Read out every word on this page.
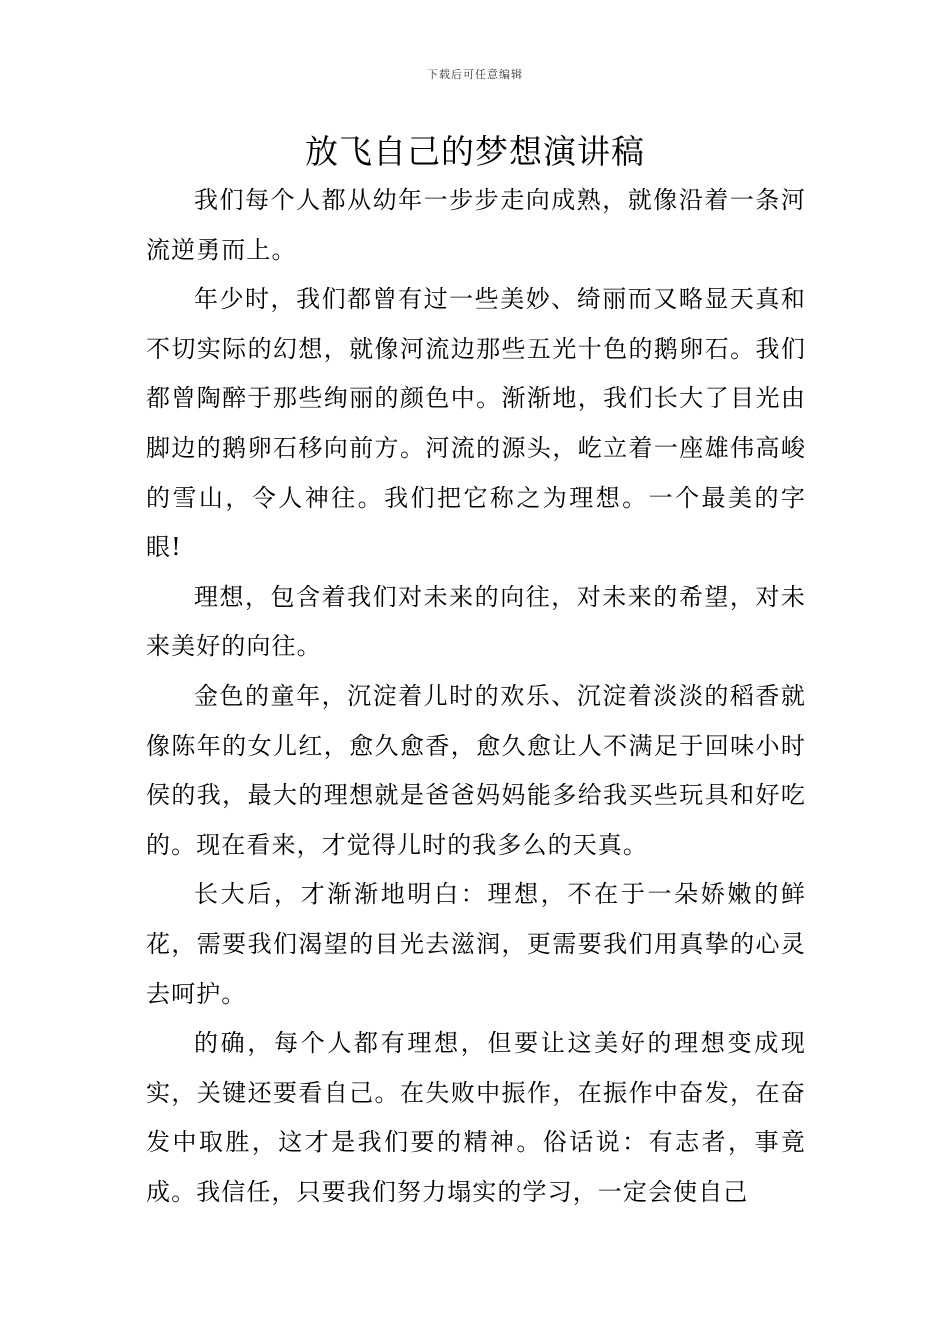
下载后可任意编辑
放飞自己的梦想演讲稿

我们每个人都从幼年一步步走向成熟，就像沿着一条河流逆勇而上。

年少时，我们都曾有过一些美妙、绮丽而又略显天真和不切实际的幻想，就像河流边那些五光十色的鹅卵石。我们都曾陶醉于那些绚丽的颜色中。渐渐地，我们长大了目光由脚边的鹅卵石移向前方。河流的源头，屹立着一座雄伟高峻的雪山，令人神往。我们把它称之为理想。一个最美的字眼!

理想，包含着我们对未来的向往，对未来的希望，对未来美好的向往。

金色的童年，沉淀着儿时的欢乐、沉淀着淡淡的稻香就像陈年的女儿红，愈久愈香，愈久愈让人不满足于回味小时侯的我，最大的理想就是爸爸妈妈能多给我买些玩具和好吃的。现在看来，才觉得儿时的我多么的天真。

长大后，才渐渐地明白：理想，不在于一朵娇嫩的鲜花，需要我们渴望的目光去滋润，更需要我们用真挚的心灵去呵护。

的确，每个人都有理想，但要让这美好的理想变成现实，关键还要看自己。在失败中振作，在振作中奋发，在奋发中取胜，这才是我们要的精神。俗话说：有志者，事竟成。我信任，只要我们努力塌实的学习，一定会使自己
